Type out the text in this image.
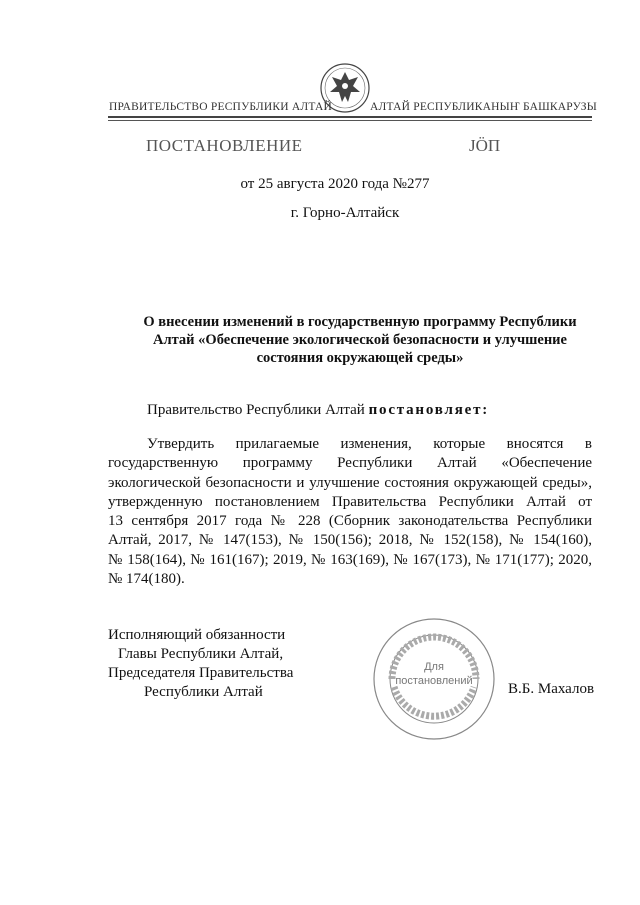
ПРАВИТЕЛЬСТВО РЕСПУБЛИКИ АЛТАЙ	АЛТАЙ РЕСПУБЛИКАНЫҤ БАШКАРУЗЫ
ПОСТАНОВЛЕНИЕ	JÖП
от 25 августа 2020 года №277
г. Горно-Алтайск
О внесении изменений в государственную программу Республики
Алтай «Обеспечение экологической безопасности и улучшение
состояния окружающей среды»
Правительство Республики Алтай постановляет:
Утвердить прилагаемые изменения, которые вносятся в
государственную программу Республики Алтай «Обеспечение
экологической безопасности и улучшение состояния окружающей среды»,
утвержденную постановлением Правительства Республики Алтай от
13 сентября 2017 года № 228 (Сборник законодательства Республики
Алтай, 2017, № 147(153), № 150(156); 2018, № 152(158), № 154(160),
№ 158(164), № 161(167); 2019, № 163(169), № 167(173), № 171(177); 2020,
№ 174(180).
Исполняющий обязанности
Главы Республики Алтай,
Председателя Правительства
Республики Алтай
Для
постановлений	В.Б. Махалов
